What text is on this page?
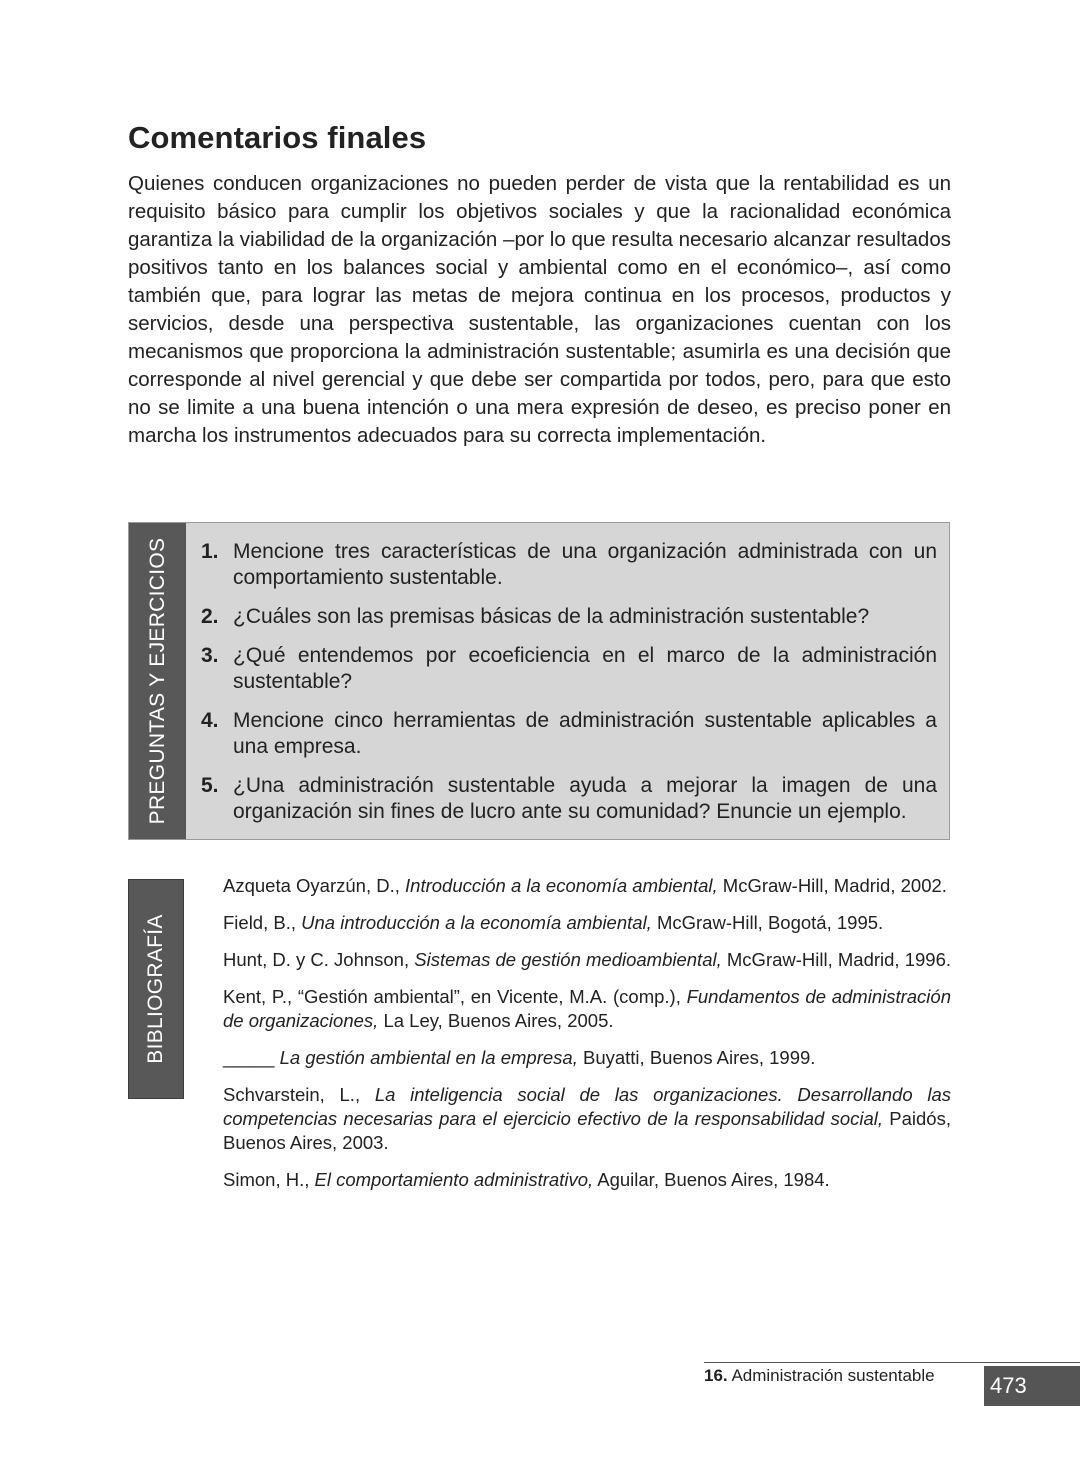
Comentarios finales

Quienes conducen organizaciones no pueden perder de vista que la rentabilidad es un requisito básico para cumplir los objetivos sociales y que la racionalidad económica garantiza la viabilidad de la organización –por lo que resulta necesario alcanzar resultados positivos tanto en los balances social y ambiental como en el económico–, así como también que, para lograr las metas de mejora continua en los procesos, productos y servicios, desde una perspectiva sustentable, las organizaciones cuentan con los mecanismos que proporciona la administración sustentable; asumirla es una decisión que corresponde al nivel gerencial y que debe ser compartida por todos, pero, para que esto no se limite a una buena intención o una mera expresión de deseo, es preciso poner en marcha los instrumentos adecuados para su correcta implementación.

PREGUNTAS Y EJERCICIOS 1. Mencione tres características de una organización administrada con un comportamiento sustentable.
2. ¿Cuáles son las premisas básicas de la administración sustentable?
3. ¿Qué entendemos por ecoeficiencia en el marco de la administración sustentable?
4. Mencione cinco herramientas de administración sustentable aplicables a una empresa.
5. ¿Una administración sustentable ayuda a mejorar la imagen de una organización sin fines de lucro ante su comunidad? Enuncie un ejemplo.
BIBLIOGRAFÍA
Azqueta Oyarzún, D., Introducción a la economía ambiental, McGraw-Hill, Madrid, 2002.
Field, B., Una introducción a la economía ambiental, McGraw-Hill, Bogotá, 1995.
Hunt, D. y C. Johnson, Sistemas de gestión medioambiental, McGraw-Hill, Madrid, 1996.
Kent, P., “Gestión ambiental”, en Vicente, M.A. (comp.), Fundamentos de administración de organizaciones, La Ley, Buenos Aires, 2005.
_____ La gestión ambiental en la empresa, Buyatti, Buenos Aires, 1999.
Schvarstein, L., La inteligencia social de las organizaciones. Desarrollando las competencias necesarias para el ejercicio efectivo de la responsabilidad social, Paidós, Buenos Aires, 2003.
Simon, H., El comportamiento administrativo, Aguilar, Buenos Aires, 1984.
16. Administración sustentable	473
